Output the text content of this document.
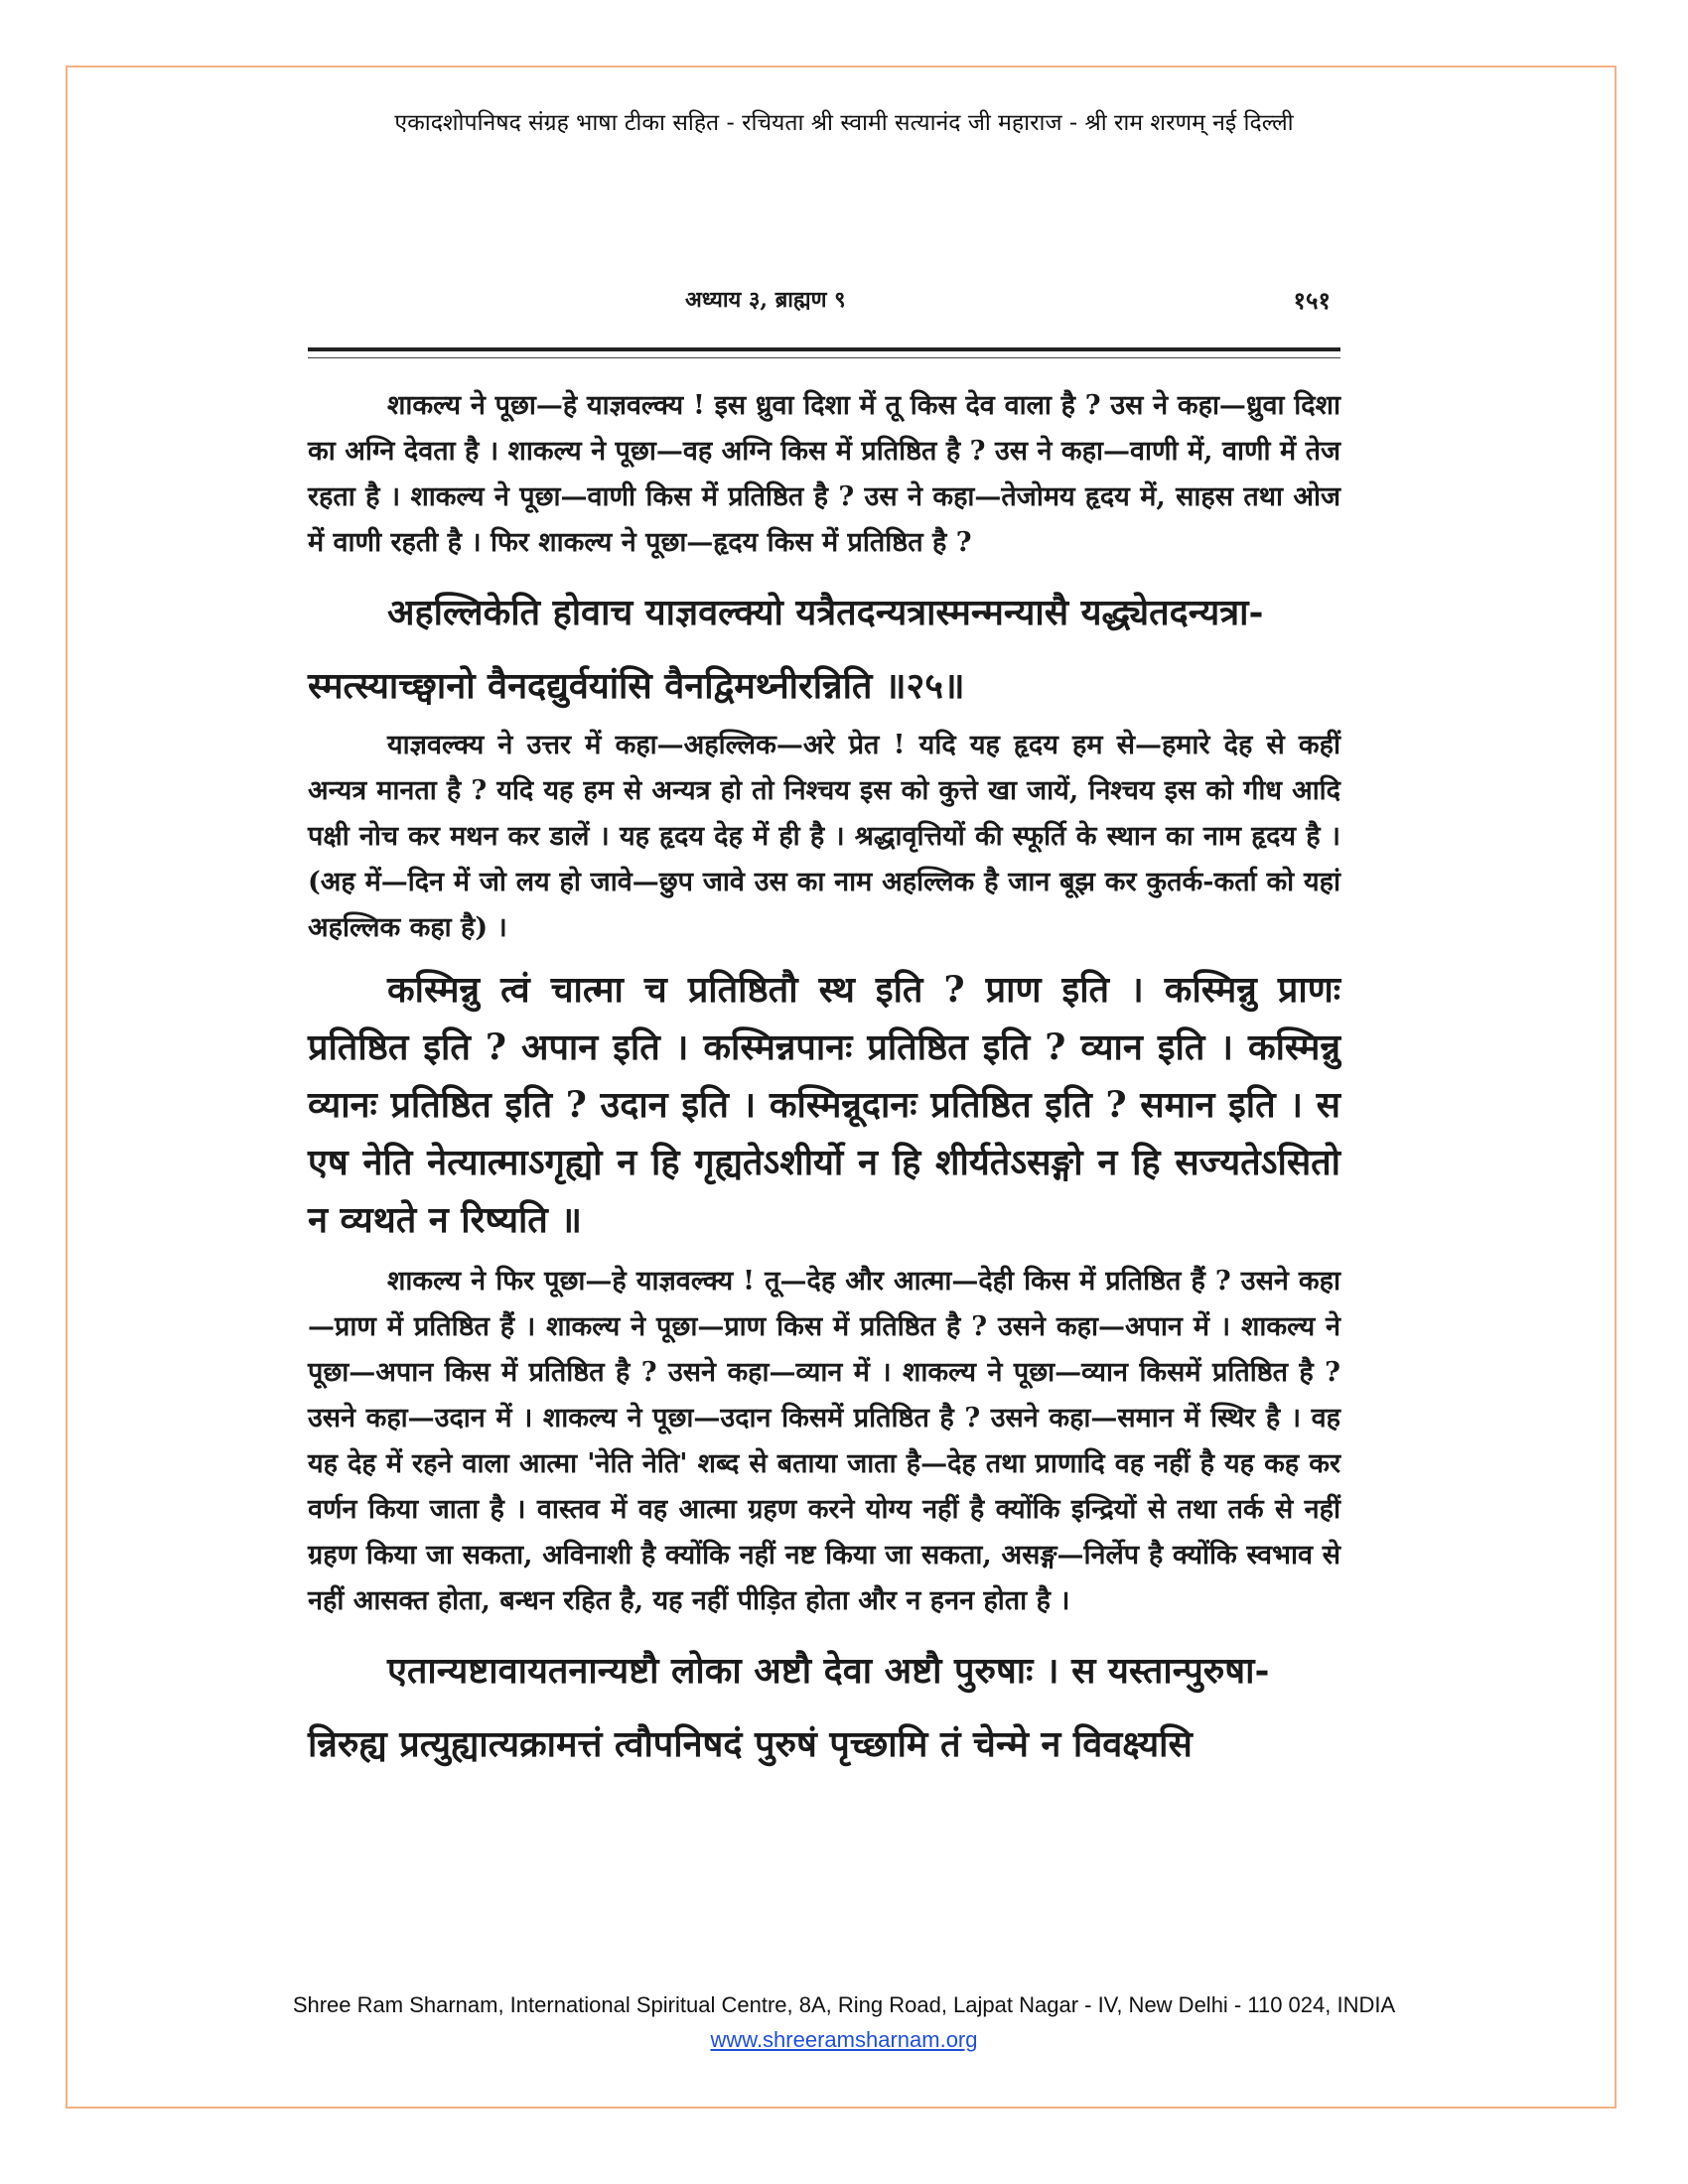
एकादशोपनिषद संग्रह भाषा टीका सहित - रचियता श्री स्वामी सत्यानंद जी महाराज - श्री राम शरणम् नई दिल्ली
अध्याय ३, ब्राह्मण ९	१५१

शाकल्य ने पूछा—हे याज्ञवल्क्य ! इस ध्रुवा दिशा में तू किस देव वाला है ? उस ने कहा—ध्रुवा दिशा का अग्नि देवता है । शाकल्य ने पूछा—वह अग्नि किस में प्रतिष्ठित है ? उस ने कहा—वाणी में, वाणी में तेज रहता है । शाकल्य ने पूछा—वाणी किस में प्रतिष्ठित है ? उस ने कहा—तेजोमय हृदय में, साहस तथा ओज में वाणी रहती है । फिर शाकल्य ने पूछा—हृदय किस में प्रतिष्ठित है ?

अहल्लिकेति होवाच याज्ञवल्क्यो यत्रैतदन्यत्रास्मन्मन्यासै यद्ध्येतदन्यत्रा-

स्मत्स्याच्छ्वानो वैनदद्युर्वयांसि वैनद्विमथ्नीरन्निति ॥२५॥

याज्ञवल्क्य ने उत्तर में कहा—अहल्लिक—अरे प्रेत ! यदि यह हृदय हम से—हमारे देह से कहीं अन्यत्र मानता है ? यदि यह हम से अन्यत्र हो तो निश्चय इस को कुत्ते खा जायें, निश्चय इस को गीध आदि पक्षी नोच कर मथन कर डालें । यह हृदय देह में ही है । श्रद्धावृत्तियों की स्फूर्ति के स्थान का नाम हृदय है । (अह में—दिन में जो लय हो जावे—छुप जावे उस का नाम अहल्लिक है जान बूझ कर कुतर्क-कर्ता को यहां अहल्लिक कहा है) ।

कस्मिन्नु त्वं चात्मा च प्रतिष्ठितौ स्थ इति ? प्राण इति । कस्मिन्नु प्राणः प्रतिष्ठित इति ? अपान इति । कस्मिन्नपानः प्रतिष्ठित इति ? व्यान इति । कस्मिन्नु व्यानः प्रतिष्ठित इति ? उदान इति । कस्मिन्नूदानः प्रतिष्ठित इति ? समान इति । स एष नेति नेत्यात्माऽगृह्यो न हि गृह्यतेऽशीर्यो न हि शीर्यतेऽसङ्गो न हि सज्यतेऽसितो न व्यथते न रिष्यति ॥

शाकल्य ने फिर पूछा—हे याज्ञवल्क्य ! तू—देह और आत्मा—देही किस में प्रतिष्ठित हैं ? उसने कहा—प्राण में प्रतिष्ठित हैं । शाकल्य ने पूछा—प्राण किस में प्रतिष्ठित है ? उसने कहा—अपान में । शाकल्य ने पूछा—अपान किस में प्रतिष्ठित है ? उसने कहा—व्यान में । शाकल्य ने पूछा—व्यान किसमें प्रतिष्ठित है ? उसने कहा—उदान में । शाकल्य ने पूछा—उदान किसमें प्रतिष्ठित है ? उसने कहा—समान में स्थिर है । वह यह देह में रहने वाला आत्मा 'नेति नेति' शब्द से बताया जाता है—देह तथा प्राणादि वह नहीं है यह कह कर वर्णन किया जाता है । वास्तव में वह आत्मा ग्रहण करने योग्य नहीं है क्योंकि इन्द्रियों से तथा तर्क से नहीं ग्रहण किया जा सकता, अविनाशी है क्योंकि नहीं नष्ट किया जा सकता, असङ्ग—निर्लेप है क्योंकि स्वभाव से नहीं आसक्त होता, बन्धन रहित है, यह नहीं पीड़ित होता और न हनन होता है ।

एतान्यष्टावायतनान्यष्टौ लोका अष्टौ देवा अष्टौ पुरुषाः । स यस्तान्पुरुषा-

न्निरुह्य प्रत्युह्यात्यक्रामत्तं त्वौपनिषदं पुरुषं पृच्छामि तं चेन्मे न विवक्ष्यसि

Shree Ram Sharnam, International Spiritual Centre, 8A, Ring Road, Lajpat Nagar - IV, New Delhi - 110 024, INDIA
www.shreeramsharnam.org
